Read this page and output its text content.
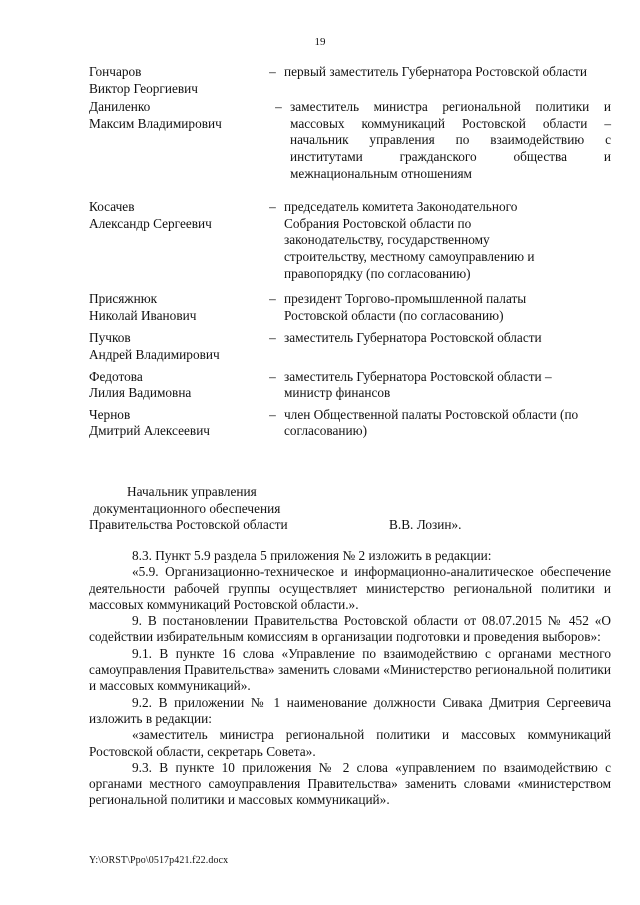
19
Гончаров
Виктор Георгиевич
– первый заместитель Губернатора Ростовской области
Даниленко
Максим Владимирович
– заместитель министра региональной политики и массовых коммуникаций Ростовской области – начальник управления по взаимодействию с институтами гражданского общества и межнациональным отношениям
Косачев
Александр Сергеевич
– председатель комитета Законодательного Собрания Ростовской области по законодательству, государственному строительству, местному самоуправлению и правопорядку (по согласованию)
Присяжнюк
Николай Иванович
– президент Торгово-промышленной палаты Ростовской области (по согласованию)
Пучков
Андрей Владимирович
– заместитель Губернатора Ростовской области
Федотова
Лилия Вадимовна
– заместитель Губернатора Ростовской области – министр финансов
Чернов
Дмитрий Алексеевич
– член Общественной палаты Ростовской области (по согласованию)
Начальник управления
документационного обеспечения
Правительства Ростовской области	В.В. Лозин».

8.3. Пункт 5.9 раздела 5 приложения № 2 изложить в редакции:

«5.9. Организационно-техническое и информационно-аналитическое обеспечение деятельности рабочей группы осуществляет министерство региональной политики и массовых коммуникаций Ростовской области.».

9. В постановлении Правительства Ростовской области от 08.07.2015 № 452 «О содействии избирательным комиссиям в организации подготовки и проведения выборов»:

9.1. В пункте 16 слова «Управление по взаимодействию с органами местного самоуправления Правительства» заменить словами «Министерство региональной политики и массовых коммуникаций».

9.2. В приложении № 1 наименование должности Сивака Дмитрия Сергеевича изложить в редакции:

«заместитель министра региональной политики и массовых коммуникаций Ростовской области, секретарь Совета».

9.3. В пункте 10 приложения № 2 слова «управлением по взаимодействию с органами местного самоуправления Правительства» заменить словами «министерством региональной политики и массовых коммуникаций».

Y:\ORST\Ppo\0517p421.f22.docx
